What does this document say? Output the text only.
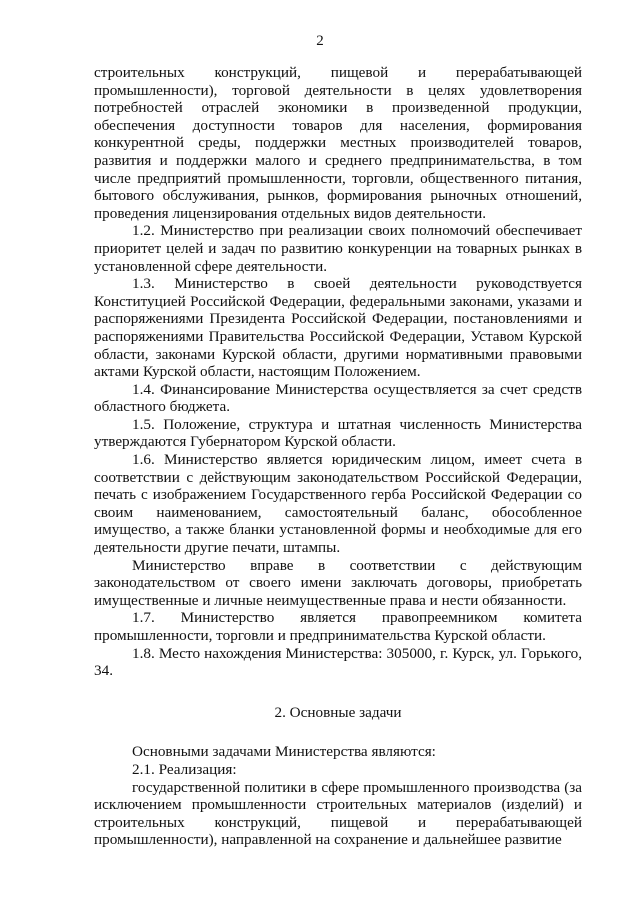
2

строительных конструкций, пищевой и перерабатывающей промышленности), торговой деятельности в целях удовлетворения потребностей отраслей экономики в произведенной продукции, обеспечения доступности товаров для населения, формирования конкурентной среды, поддержки местных производителей товаров, развития и поддержки малого и среднего предпринимательства, в том числе предприятий промышленности, торговли, общественного питания, бытового обслуживания, рынков, формирования рыночных отношений, проведения лицензирования отдельных видов деятельности.

1.2. Министерство при реализации своих полномочий обеспечивает приоритет целей и задач по развитию конкуренции на товарных рынках в установленной сфере деятельности.

1.3. Министерство в своей деятельности руководствуется Конституцией Российской Федерации, федеральными законами, указами и распоряжениями Президента Российской Федерации, постановлениями и распоряжениями Правительства Российской Федерации, Уставом Курской области, законами Курской области, другими нормативными правовыми актами Курской области, настоящим Положением.

1.4. Финансирование Министерства осуществляется за счет средств областного бюджета.

1.5. Положение, структура и штатная численность Министерства утверждаются Губернатором Курской области.

1.6. Министерство является юридическим лицом, имеет счета в соответствии с действующим законодательством Российской Федерации, печать с изображением Государственного герба Российской Федерации со своим наименованием, самостоятельный баланс, обособленное имущество, а также бланки установленной формы и необходимые для его деятельности другие печати, штампы.

Министерство вправе в соответствии с действующим законодательством от своего имени заключать договоры, приобретать имущественные и личные неимущественные права и нести обязанности.

1.7. Министерство является правопреемником комитета промышленности, торговли и предпринимательства Курской области.

1.8. Место нахождения Министерства: 305000, г. Курск, ул. Горького, 34.

2. Основные задачи

Основными задачами Министерства являются:

2.1. Реализация:

государственной политики в сфере промышленного производства (за исключением промышленности строительных материалов (изделий) и строительных конструкций, пищевой и перерабатывающей промышленности), направленной на сохранение и дальнейшее развитие
